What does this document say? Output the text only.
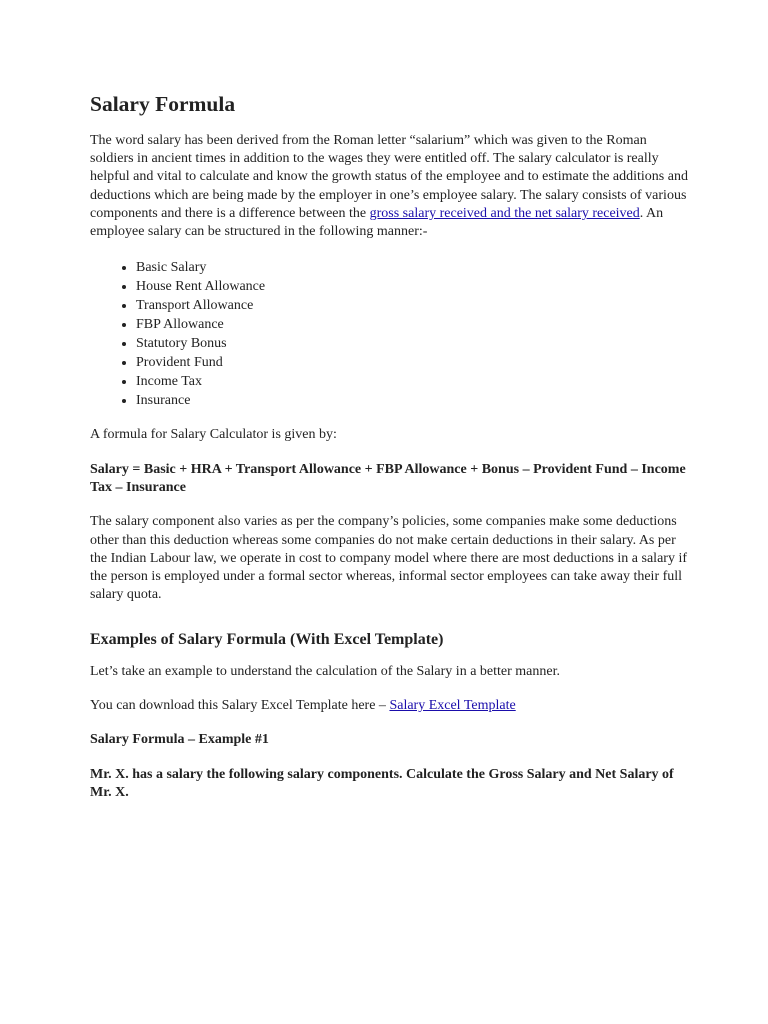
Salary Formula

The word salary has been derived from the Roman letter “salarium” which was given to the Roman soldiers in ancient times in addition to the wages they were entitled off. The salary calculator is really helpful and vital to calculate and know the growth status of the employee and to estimate the additions and deductions which are being made by the employer in one’s employee salary. The salary consists of various components and there is a difference between the gross salary received and the net salary received. An employee salary can be structured in the following manner:-

• Basic Salary
• House Rent Allowance
• Transport Allowance
• FBP Allowance
• Statutory Bonus
• Provident Fund
• Income Tax
• Insurance

A formula for Salary Calculator is given by:

Salary = Basic + HRA + Transport Allowance + FBP Allowance + Bonus – Provident Fund – Income Tax – Insurance

The salary component also varies as per the company’s policies, some companies make some deductions other than this deduction whereas some companies do not make certain deductions in their salary. As per the Indian Labour law, we operate in cost to company model where there are most deductions in a salary if the person is employed under a formal sector whereas, informal sector employees can take away their full salary quota.

Examples of Salary Formula (With Excel Template)

Let’s take an example to understand the calculation of the Salary in a better manner.

You can download this Salary Excel Template here – Salary Excel Template

Salary Formula – Example #1

Mr. X. has a salary the following salary components. Calculate the Gross Salary and Net Salary of Mr. X.
